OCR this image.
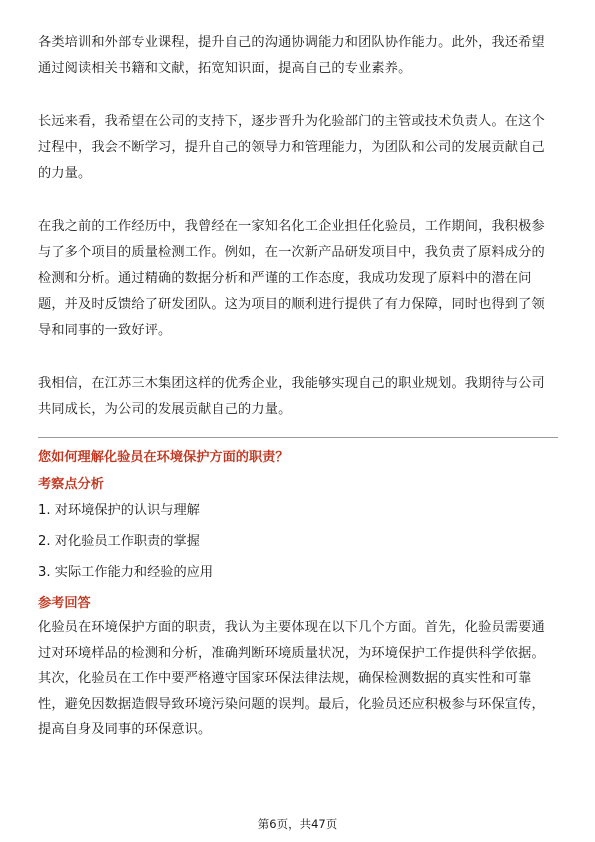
各类培训和外部专业课程，提升自己的沟通协调能力和团队协作能力。此外，我还希望通过阅读相关书籍和文献，拓宽知识面，提高自己的专业素养。

长远来看，我希望在公司的支持下，逐步晋升为化验部门的主管或技术负责人。在这个过程中，我会不断学习，提升自己的领导力和管理能力，为团队和公司的发展贡献自己的力量。

在我之前的工作经历中，我曾经在一家知名化工企业担任化验员，工作期间，我积极参与了多个项目的质量检测工作。例如，在一次新产品研发项目中，我负责了原料成分的检测和分析。通过精确的数据分析和严谨的工作态度，我成功发现了原料中的潜在问题，并及时反馈给了研发团队。这为项目的顺利进行提供了有力保障，同时也得到了领导和同事的一致好评。

我相信，在江苏三木集团这样的优秀企业，我能够实现自己的职业规划。我期待与公司共同成长，为公司的发展贡献自己的力量。

您如何理解化验员在环境保护方面的职责？

考察点分析

1. 对环境保护的认识与理解

2. 对化验员工作职责的掌握

3. 实际工作能力和经验的应用

参考回答

化验员在环境保护方面的职责，我认为主要体现在以下几个方面。首先，化验员需要通过对环境样品的检测和分析，准确判断环境质量状况，为环境保护工作提供科学依据。其次，化验员在工作中要严格遵守国家环保法律法规，确保检测数据的真实性和可靠性，避免因数据造假导致环境污染问题的误判。最后，化验员还应积极参与环保宣传，提高自身及同事的环保意识。

第6页，共47页
